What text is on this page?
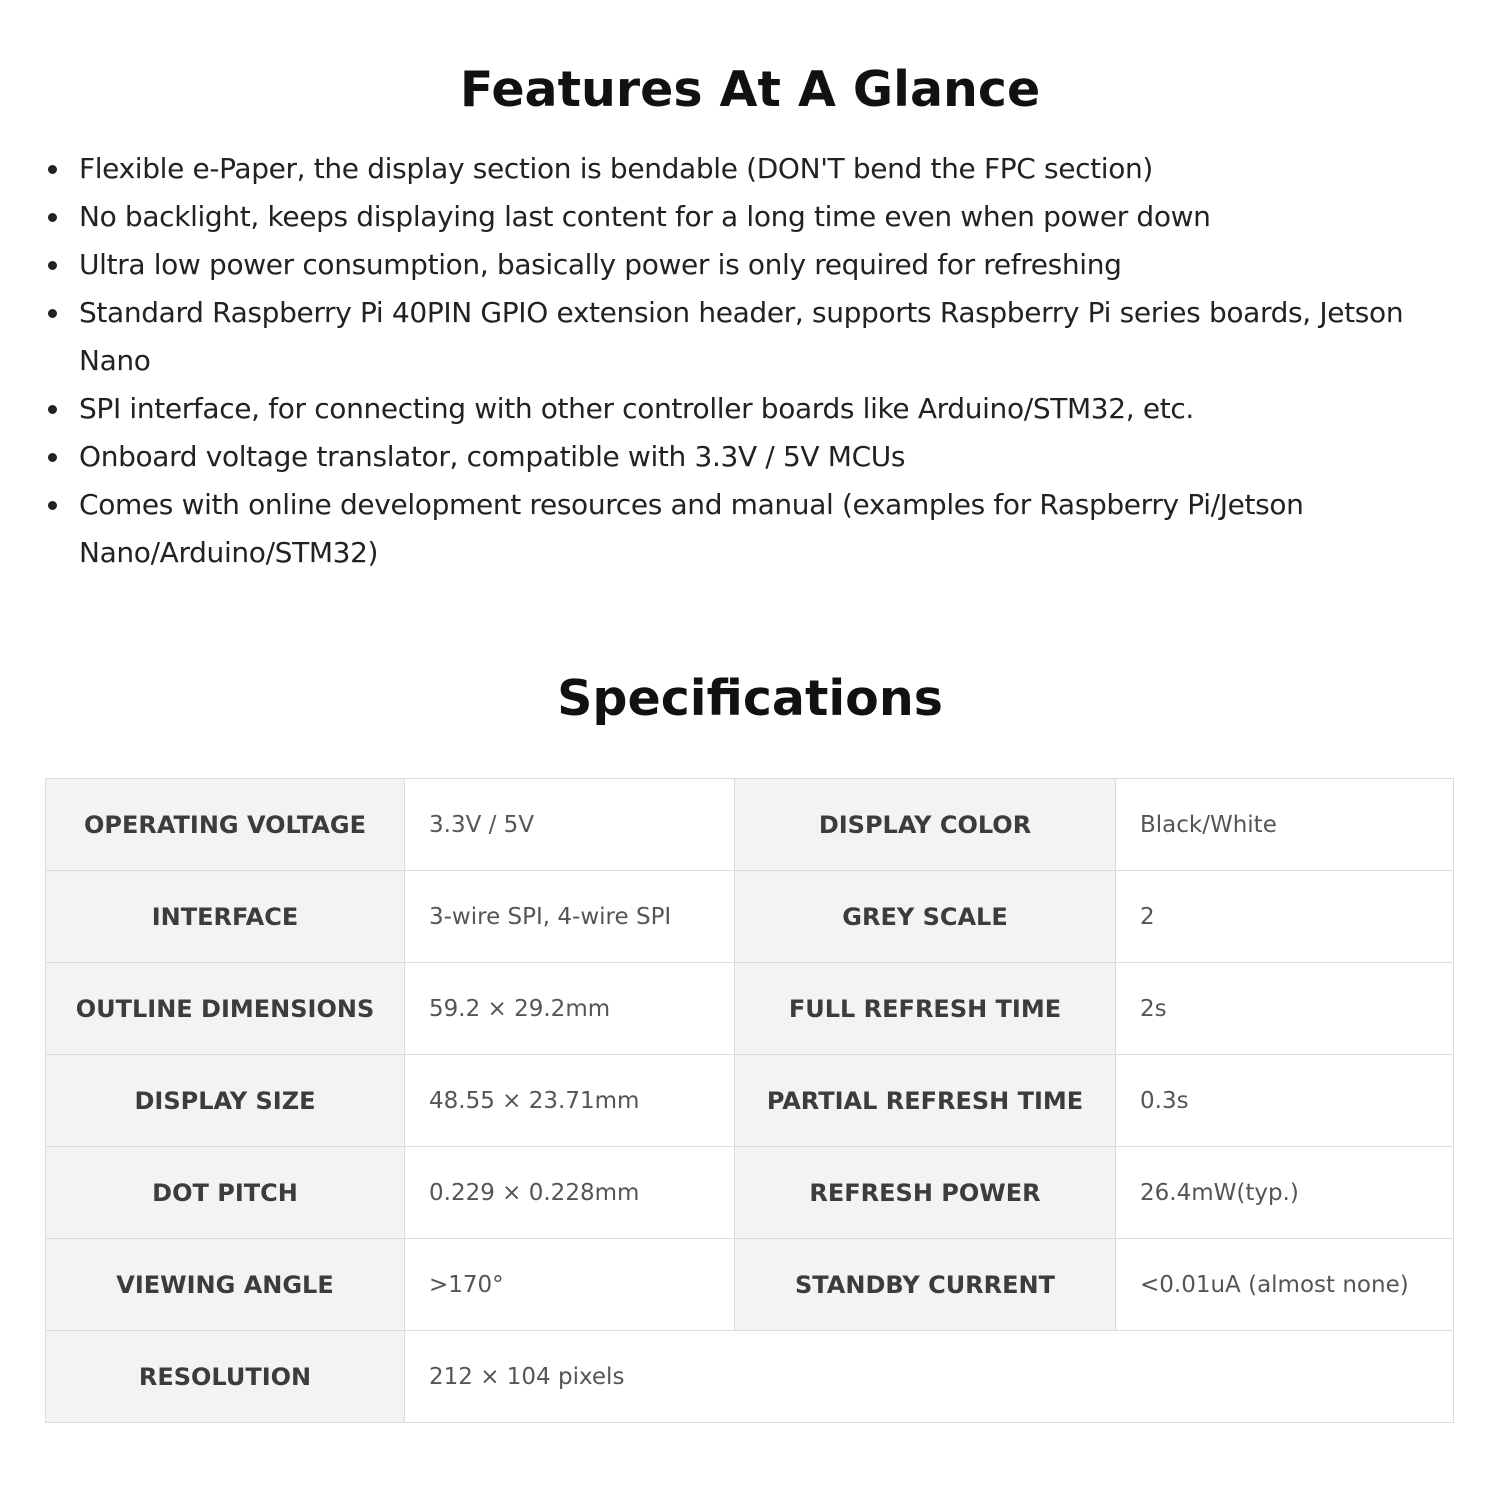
Features At A Glance
Flexible e-Paper, the display section is bendable (DON'T bend the FPC section)
No backlight, keeps displaying last content for a long time even when power down
Ultra low power consumption, basically power is only required for refreshing
Standard Raspberry Pi 40PIN GPIO extension header, supports Raspberry Pi series boards, Jetson Nano
SPI interface, for connecting with other controller boards like Arduino/STM32, etc.
Onboard voltage translator, compatible with 3.3V / 5V MCUs
Comes with online development resources and manual (examples for Raspberry Pi/Jetson Nano/Arduino/STM32)
Specifications
OPERATING VOLTAGE	3.3V / 5V	DISPLAY COLOR	Black/White
INTERFACE	3-wire SPI, 4-wire SPI	GREY SCALE	2
OUTLINE DIMENSIONS	59.2 × 29.2mm	FULL REFRESH TIME	2s
DISPLAY SIZE	48.55 × 23.71mm	PARTIAL REFRESH TIME	0.3s
DOT PITCH	0.229 × 0.228mm	REFRESH POWER	26.4mW(typ.)
VIEWING ANGLE	>170°	STANDBY CURRENT	<0.01uA (almost none)
RESOLUTION	212 × 104 pixels		
